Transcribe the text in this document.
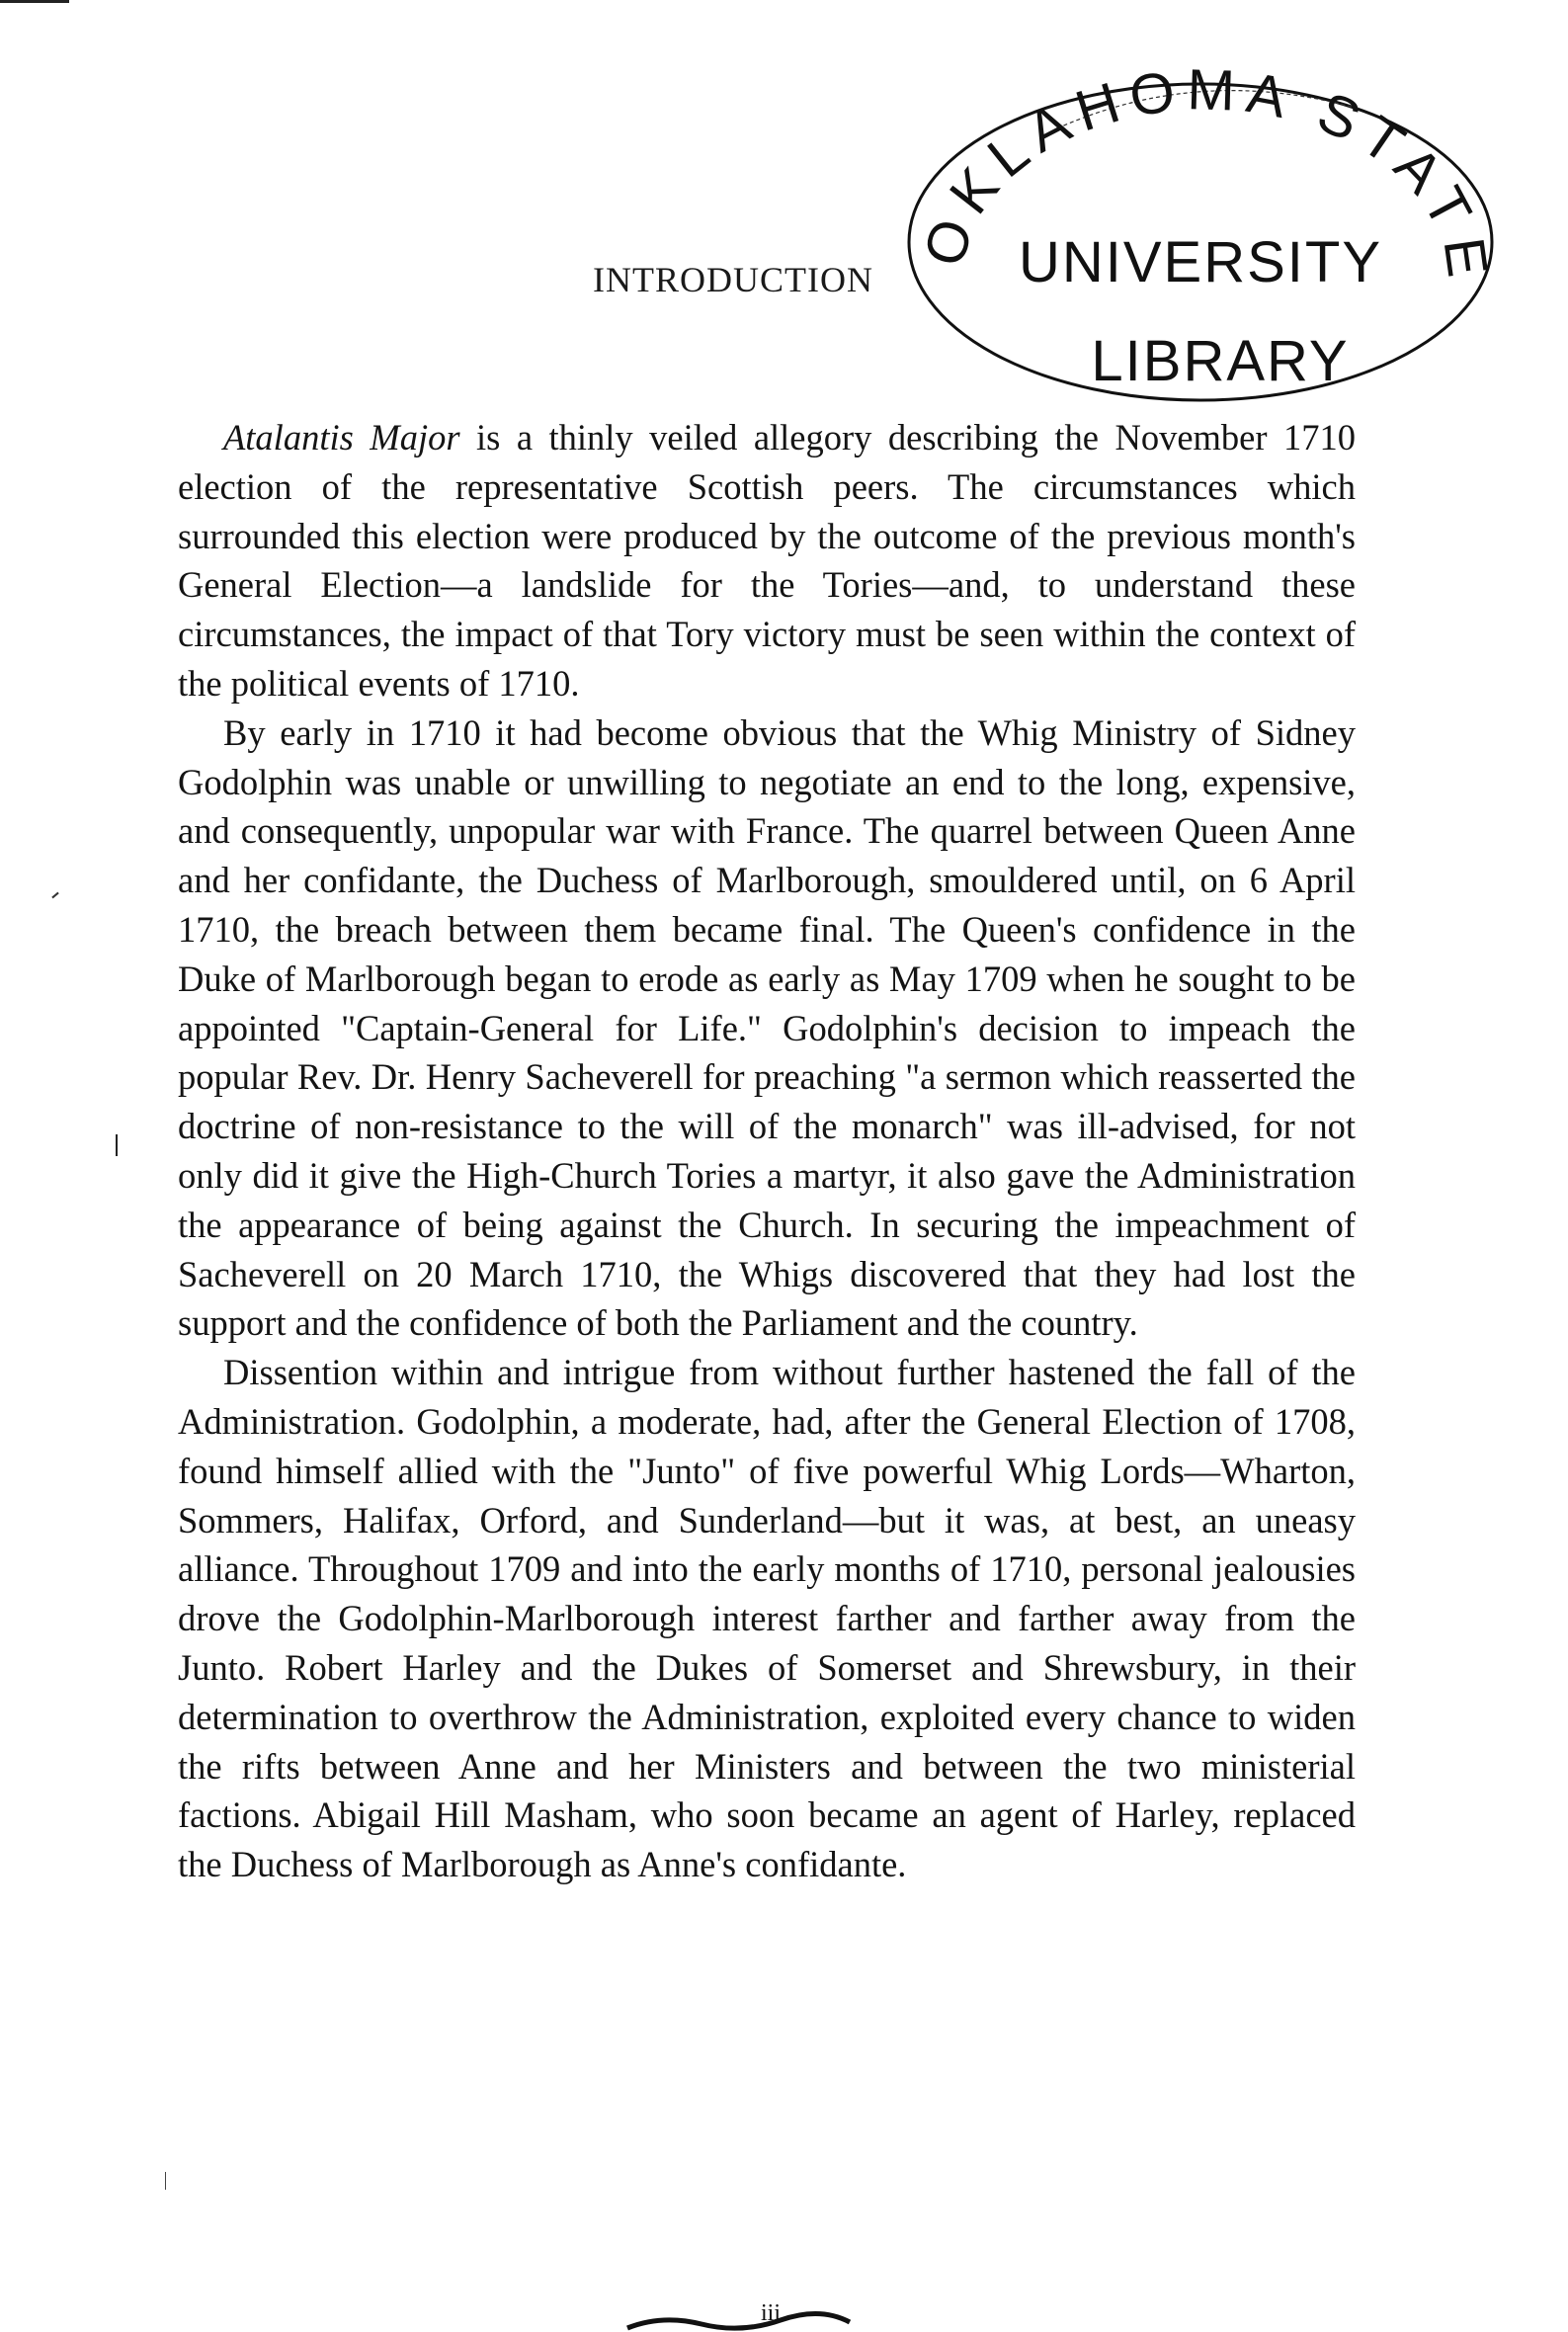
INTRODUCTION
OKLAHOMA STATE
UNIVERSITY
LIBRARY

Atalantis Major is a thinly veiled allegory describing the November 1710 election of the representative Scottish peers. The circumstances which surrounded this election were produced by the outcome of the previous month's General Election—a landslide for the Tories—and, to understand these circumstances, the impact of that Tory victory must be seen within the context of the political events of 1710.

By early in 1710 it had become obvious that the Whig Ministry of Sidney Godolphin was unable or unwilling to negotiate an end to the long, expensive, and consequently, unpopular war with France. The quarrel between Queen Anne and her confidante, the Duchess of Marlborough, smouldered until, on 6 April 1710, the breach between them became final. The Queen's confidence in the Duke of Marlborough began to erode as early as May 1709 when he sought to be appointed "Captain-General for Life." Godolphin's decision to impeach the popular Rev. Dr. Henry Sacheverell for preaching "a sermon which reasserted the doctrine of non-resistance to the will of the monarch" was ill-advised, for not only did it give the High-Church Tories a martyr, it also gave the Administration the appearance of being against the Church. In securing the impeachment of Sacheverell on 20 March 1710, the Whigs discovered that they had lost the support and the confidence of both the Parliament and the country.

Dissention within and intrigue from without further hastened the fall of the Administration. Godolphin, a moderate, had, after the General Election of 1708, found himself allied with the "Junto" of five powerful Whig Lords—Wharton, Sommers, Halifax, Orford, and Sunderland—but it was, at best, an uneasy alliance. Throughout 1709 and into the early months of 1710, personal jealousies drove the Godolphin-Marlborough interest farther and farther away from the Junto. Robert Harley and the Dukes of Somerset and Shrewsbury, in their determination to overthrow the Administration, exploited every chance to widen the rifts between Anne and her Ministers and between the two ministerial factions. Abigail Hill Masham, who soon became an agent of Harley, replaced the Duchess of Marlborough as Anne's confidante.

iii
